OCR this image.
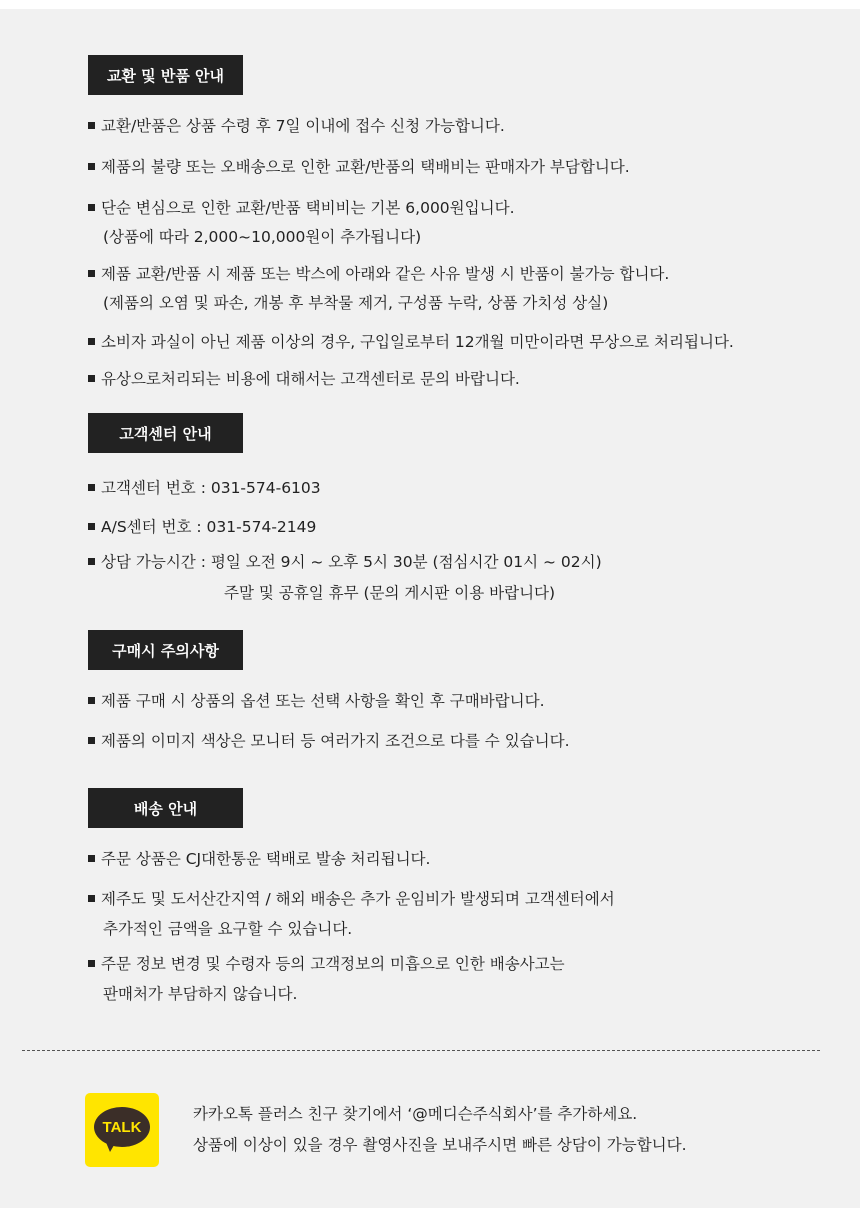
교환 및 반품 안내
교환/반품은 상품 수령 후 7일 이내에 접수 신청 가능합니다.
제품의 불량 또는 오배송으로 인한 교환/반품의 택배비는 판매자가 부담합니다.
단순 변심으로 인한 교환/반품 택비비는 기본 6,000원입니다.
(상품에 따라 2,000~10,000원이 추가됩니다)
제품 교환/반품 시 제품 또는 박스에 아래와 같은 사유 발생 시 반품이 불가능 합니다.
(제품의 오염 및 파손, 개봉 후 부착물 제거, 구성품 누락, 상품 가치성 상실)
소비자 과실이 아닌 제품 이상의 경우, 구입일로부터 12개월 미만이라면 무상으로 처리됩니다.
유상으로처리되는 비용에 대해서는 고객센터로 문의 바랍니다.
고객센터 안내
고객센터 번호 : 031-574-6103
A/S센터 번호 : 031-574-2149
상담 가능시간 : 평일 오전 9시 ~ 오후 5시 30분 (점심시간 01시 ~ 02시)
주말 및 공휴일 휴무 (문의 게시판 이용 바랍니다)
구매시 주의사항
제품 구매 시 상품의 옵션 또는 선택 사항을 확인 후 구매바랍니다.
제품의 이미지 색상은 모니터 등 여러가지 조건으로 다를 수 있습니다.
배송 안내
주문 상품은 CJ대한통운 택배로 발송 처리됩니다.
제주도 및 도서산간지역 / 해외 배송은 추가 운임비가 발생되며 고객센터에서
추가적인 금액을 요구할 수 있습니다.
주문 정보 변경 및 수령자 등의 고객정보의 미흡으로 인한 배송사고는
판매처가 부담하지 않습니다.
TALK
카카오톡 플러스 친구 찾기에서 ‘@메디슨주식회사’를 추가하세요.
상품에 이상이 있을 경우 촬영사진을 보내주시면 빠른 상담이 가능합니다.
